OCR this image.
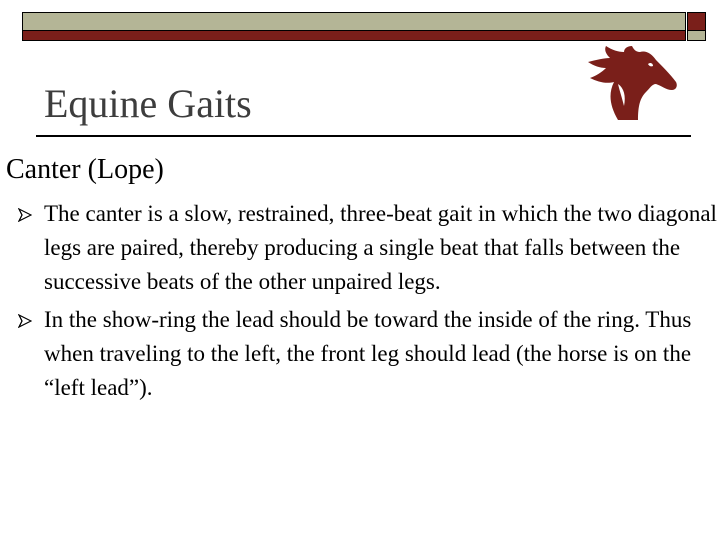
Equine Gaits
Canter (Lope)
The canter is a slow, restrained, three-beat gait in which the two diagonal legs are paired, thereby producing a single beat that falls between the successive beats of the other unpaired legs.
In the show-ring the lead should be toward the inside of the ring. Thus when traveling to the left, the front leg should lead (the horse is on the “left lead”).
